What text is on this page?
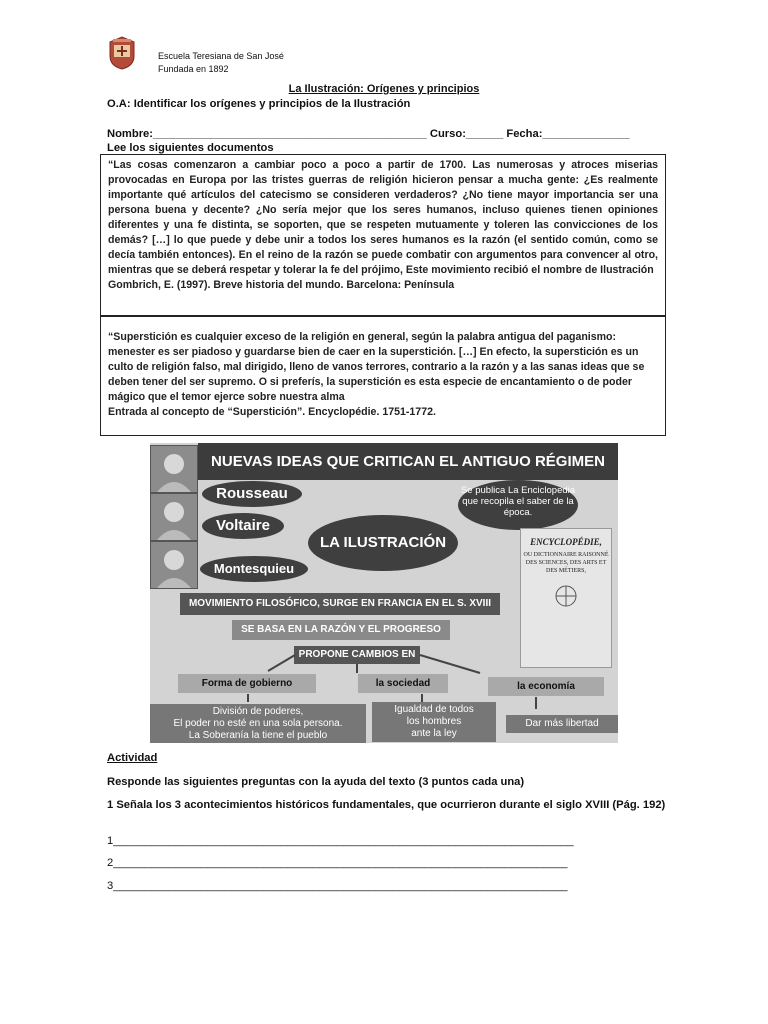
Escuela Teresiana de San José
Fundada en 1892
La Ilustración: Orígenes y principios
O.A: Identificar los orígenes y principios de la Ilustración
Nombre:____________________________________________ Curso:______ Fecha:______________
Lee los siguientes documentos

“Las cosas comenzaron a cambiar poco a poco a partir de 1700. Las numerosas y atroces miserias provocadas en Europa por las tristes guerras de religión hicieron pensar a mucha gente: ¿Es realmente importante qué artículos del catecismo se consideren verdaderos? ¿No tiene mayor importancia ser una persona buena y decente? ¿No sería mejor que los seres humanos, incluso quienes tienen opiniones diferentes y una fe distinta, se soporten, que se respeten mutuamente y toleren las convicciones de los demás? […] lo que puede y debe unir a todos los seres humanos es la razón (el sentido común, como se decía también entonces). En el reino de la razón se puede combatir con argumentos para convencer al otro, mientras que se deberá respetar y tolerar la fe del prójimo, Este movimiento recibió el nombre de Ilustración

Gombrich, E. (1997). Breve historia del mundo. Barcelona: Península

“Superstición es cualquier exceso de la religión en general, según la palabra antigua del paganismo: menester es ser piadoso y guardarse bien de caer en la superstición. […] En efecto, la superstición es un culto de religión falso, mal dirigido, lleno de vanos terrores, contrario a la razón y a las sanas ideas que se deben tener del ser supremo. O si preferís, la superstición es esta especie de encantamiento o de poder mágico que el temor ejerce sobre nuestra alma

Entrada al concepto de “Superstición”. Encyclopédie. 1751-1772.

NUEVAS IDEAS QUE CRITICAN EL ANTIGUO RÉGIMEN
Rousseau
Voltaire
Montesquieu
LA ILUSTRACIÓN
Se publica La Enciclopedia que recopila el saber de la época.
ENCYCLOPÉDIE,
OU DICTIONNAIRE RAISONNÉ DES SCIENCES, DES ARTS ET DES MÉTIERS,
MOVIMIENTO FILOSÓFICO, SURGE EN FRANCIA EN EL S. XVIII
SE BASA EN LA RAZÓN Y EL PROGRESO
PROPONE CAMBIOS EN
Forma de gobierno	la sociedad	la economía
División de poderes,
El poder no esté en una sola persona.
La Soberanía la tiene el pueblo
Igualdad de todos
los hombres
ante la ley
Dar más libertad
Actividad
Responde las siguientes preguntas con la ayuda del texto (3 puntos cada una)
1 Señala los 3 acontecimientos históricos fundamentales, que ocurrieron durante el siglo XVIII (Pág. 192)
1__________________________________________________________________________
2_________________________________________________________________________
3_________________________________________________________________________
